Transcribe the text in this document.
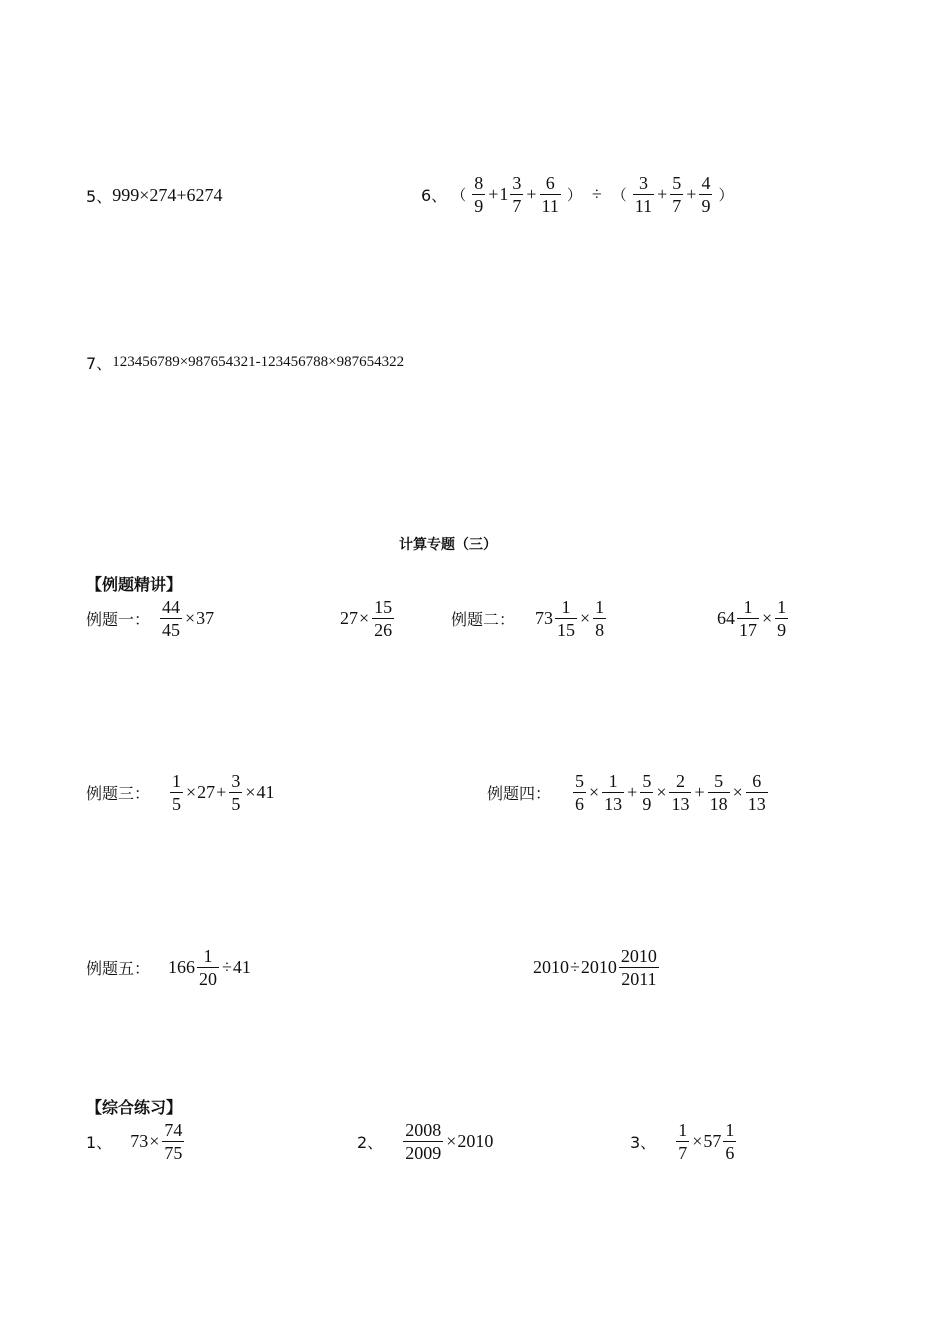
5、 999×274+6274	6、 （ $\frac{8}{9} + 1 \frac{3}{7} + \frac{6}{11}$ ） ÷ （ $\frac{3}{11} + \frac{5}{7} + \frac{4}{9}$ ）
7、 123456789×987654321-123456788×987654322
计算专题（三）
【例题精讲】
例题一： $\frac{44}{45} \times 37$	$27 \times \frac{15}{26}$	例题二： $73 \frac{1}{15} \times \frac{1}{8}$	$64 \frac{1}{17} \times \frac{1}{9}$
例题三： $\frac{1}{5} \times 27 + \frac{3}{5} \times 41$	例题四： $\frac{5}{6} \times \frac{1}{13} + \frac{5}{9} \times \frac{2}{13} + \frac{5}{18} \times \frac{6}{13}$
例题五： $166 \frac{1}{20} \div 41$	$2010 \div 2010 \frac{2010}{2011}$
【综合练习】
1、 $73 \times \frac{74}{75}$	2、 $\frac{2008}{2009} \times 2010$	3、 $\frac{1}{7} \times 57 \frac{1}{6}$
